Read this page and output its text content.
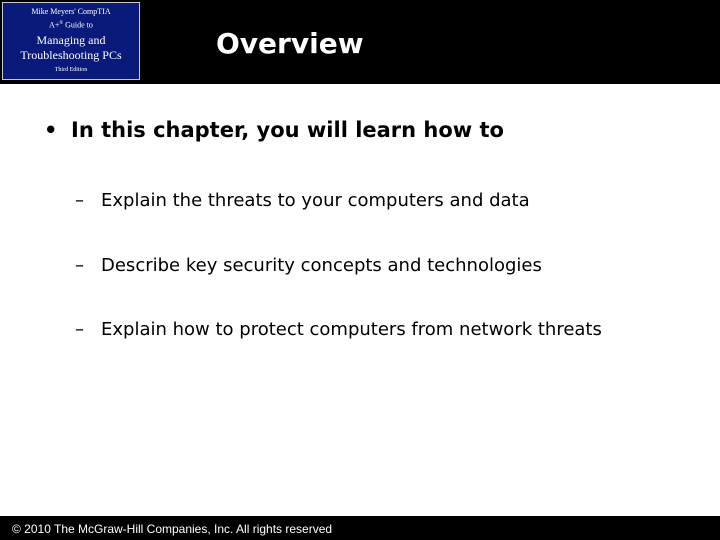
Mike Meyers' CompTIA
A+® Guide to
Managing and
Troubleshooting PCs
Third Edition
Overview
• In this chapter, you will learn how to
– Explain the threats to your computers and data
– Describe key security concepts and technologies
– Explain how to protect computers from network threats
© 2010 The McGraw-Hill Companies, Inc. All rights reserved
